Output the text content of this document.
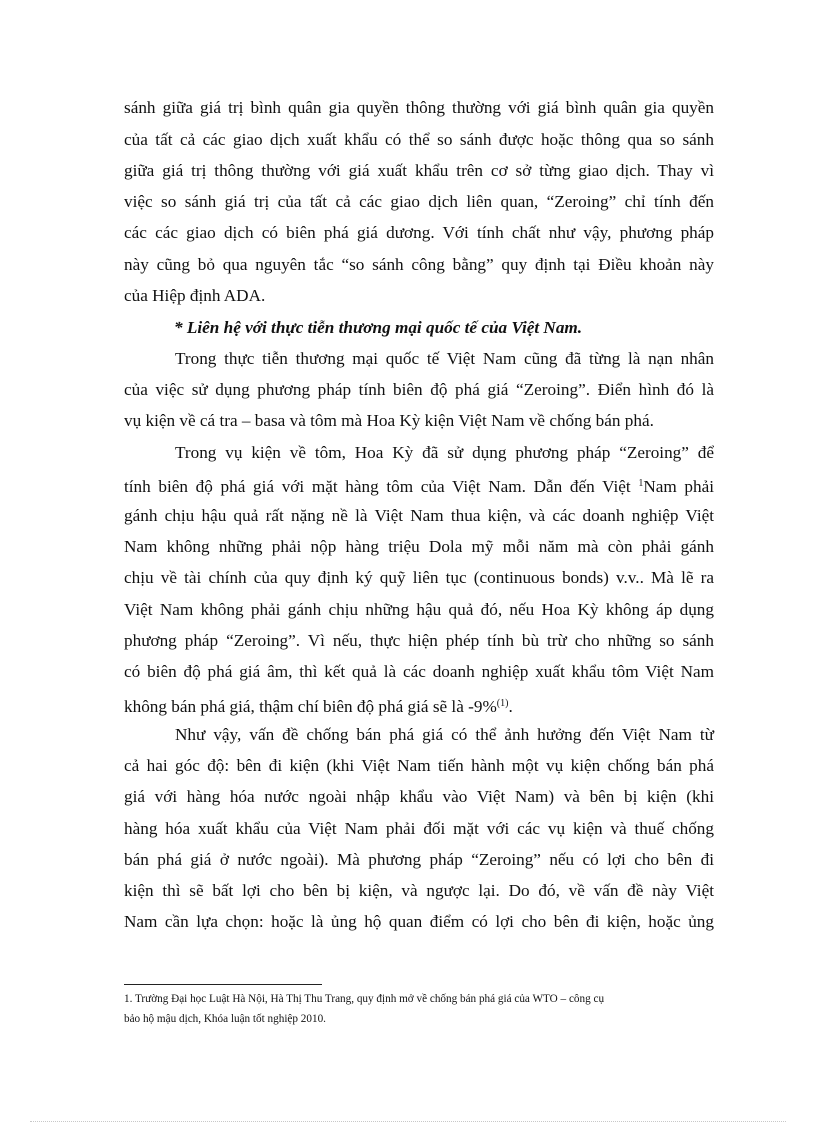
sánh giữa giá trị bình quân gia quyền thông thường với giá bình quân gia quyền
của tất cả các giao dịch xuất khẩu có thể so sánh được hoặc thông qua so sánh
giữa giá trị thông thường với giá xuất khẩu trên cơ sở từng giao dịch. Thay vì
việc so sánh giá trị của tất cả các giao dịch liên quan, “Zeroing” chỉ tính đến
các các giao dịch có biên phá giá dương. Với tính chất như vậy, phương pháp
này cũng bỏ qua nguyên tắc “so sánh công bằng” quy định tại Điều khoản này
của Hiệp định ADA.
* Liên hệ với thực tiễn thương mại quốc tế của Việt Nam.
Trong thực tiễn thương mại quốc tế Việt Nam cũng đã từng là nạn nhân
của việc sử dụng phương pháp tính biên độ phá giá “Zeroing”. Điển hình đó là
vụ kiện về cá tra – basa và tôm mà Hoa Kỳ kiện Việt Nam về chống bán phá.
Trong vụ kiện về tôm, Hoa Kỳ đã sử dụng phương pháp “Zeroing” để
tính biên độ phá giá với mặt hàng tôm của Việt Nam. Dẫn đến Việt $^1$Nam phải
gánh chịu hậu quả rất nặng nề là Việt Nam thua kiện, và các doanh nghiệp Việt
Nam không những phải nộp hàng triệu Dola mỹ mỗi năm mà còn phải gánh
chịu về tài chính của quy định ký quỹ liên tục (continuous bonds) v.v.. Mà lẽ ra
Việt Nam không phải gánh chịu những hậu quả đó, nếu Hoa Kỳ không áp dụng
phương pháp “Zeroing”. Vì nếu, thực hiện phép tính bù trừ cho những so sánh
có biên độ phá giá âm, thì kết quả là các doanh nghiệp xuất khẩu tôm Việt Nam
không bán phá giá, thậm chí biên độ phá giá sẽ là -9%$^{(1)}$.
Như vậy, vấn đề chống bán phá giá có thể ảnh hưởng đến Việt Nam từ
cả hai góc độ: bên đi kiện (khi Việt Nam tiến hành một vụ kiện chống bán phá
giá với hàng hóa nước ngoài nhập khẩu vào Việt Nam) và bên bị kiện (khi
hàng hóa xuất khẩu của Việt Nam phải đối mặt với các vụ kiện và thuế chống
bán phá giá ở nước ngoài). Mà phương pháp “Zeroing” nếu có lợi cho bên đi
kiện thì sẽ bất lợi cho bên bị kiện, và ngược lại. Do đó, về vấn đề này Việt
Nam cần lựa chọn: hoặc là ủng hộ quan điểm có lợi cho bên đi kiện, hoặc ủng
1. Trường Đại học Luật Hà Nội, Hà Thị Thu Trang, quy định mở về chống bán phá giá của WTO – công cụ
bảo hộ mậu dịch, Khóa luận tốt nghiệp 2010.
